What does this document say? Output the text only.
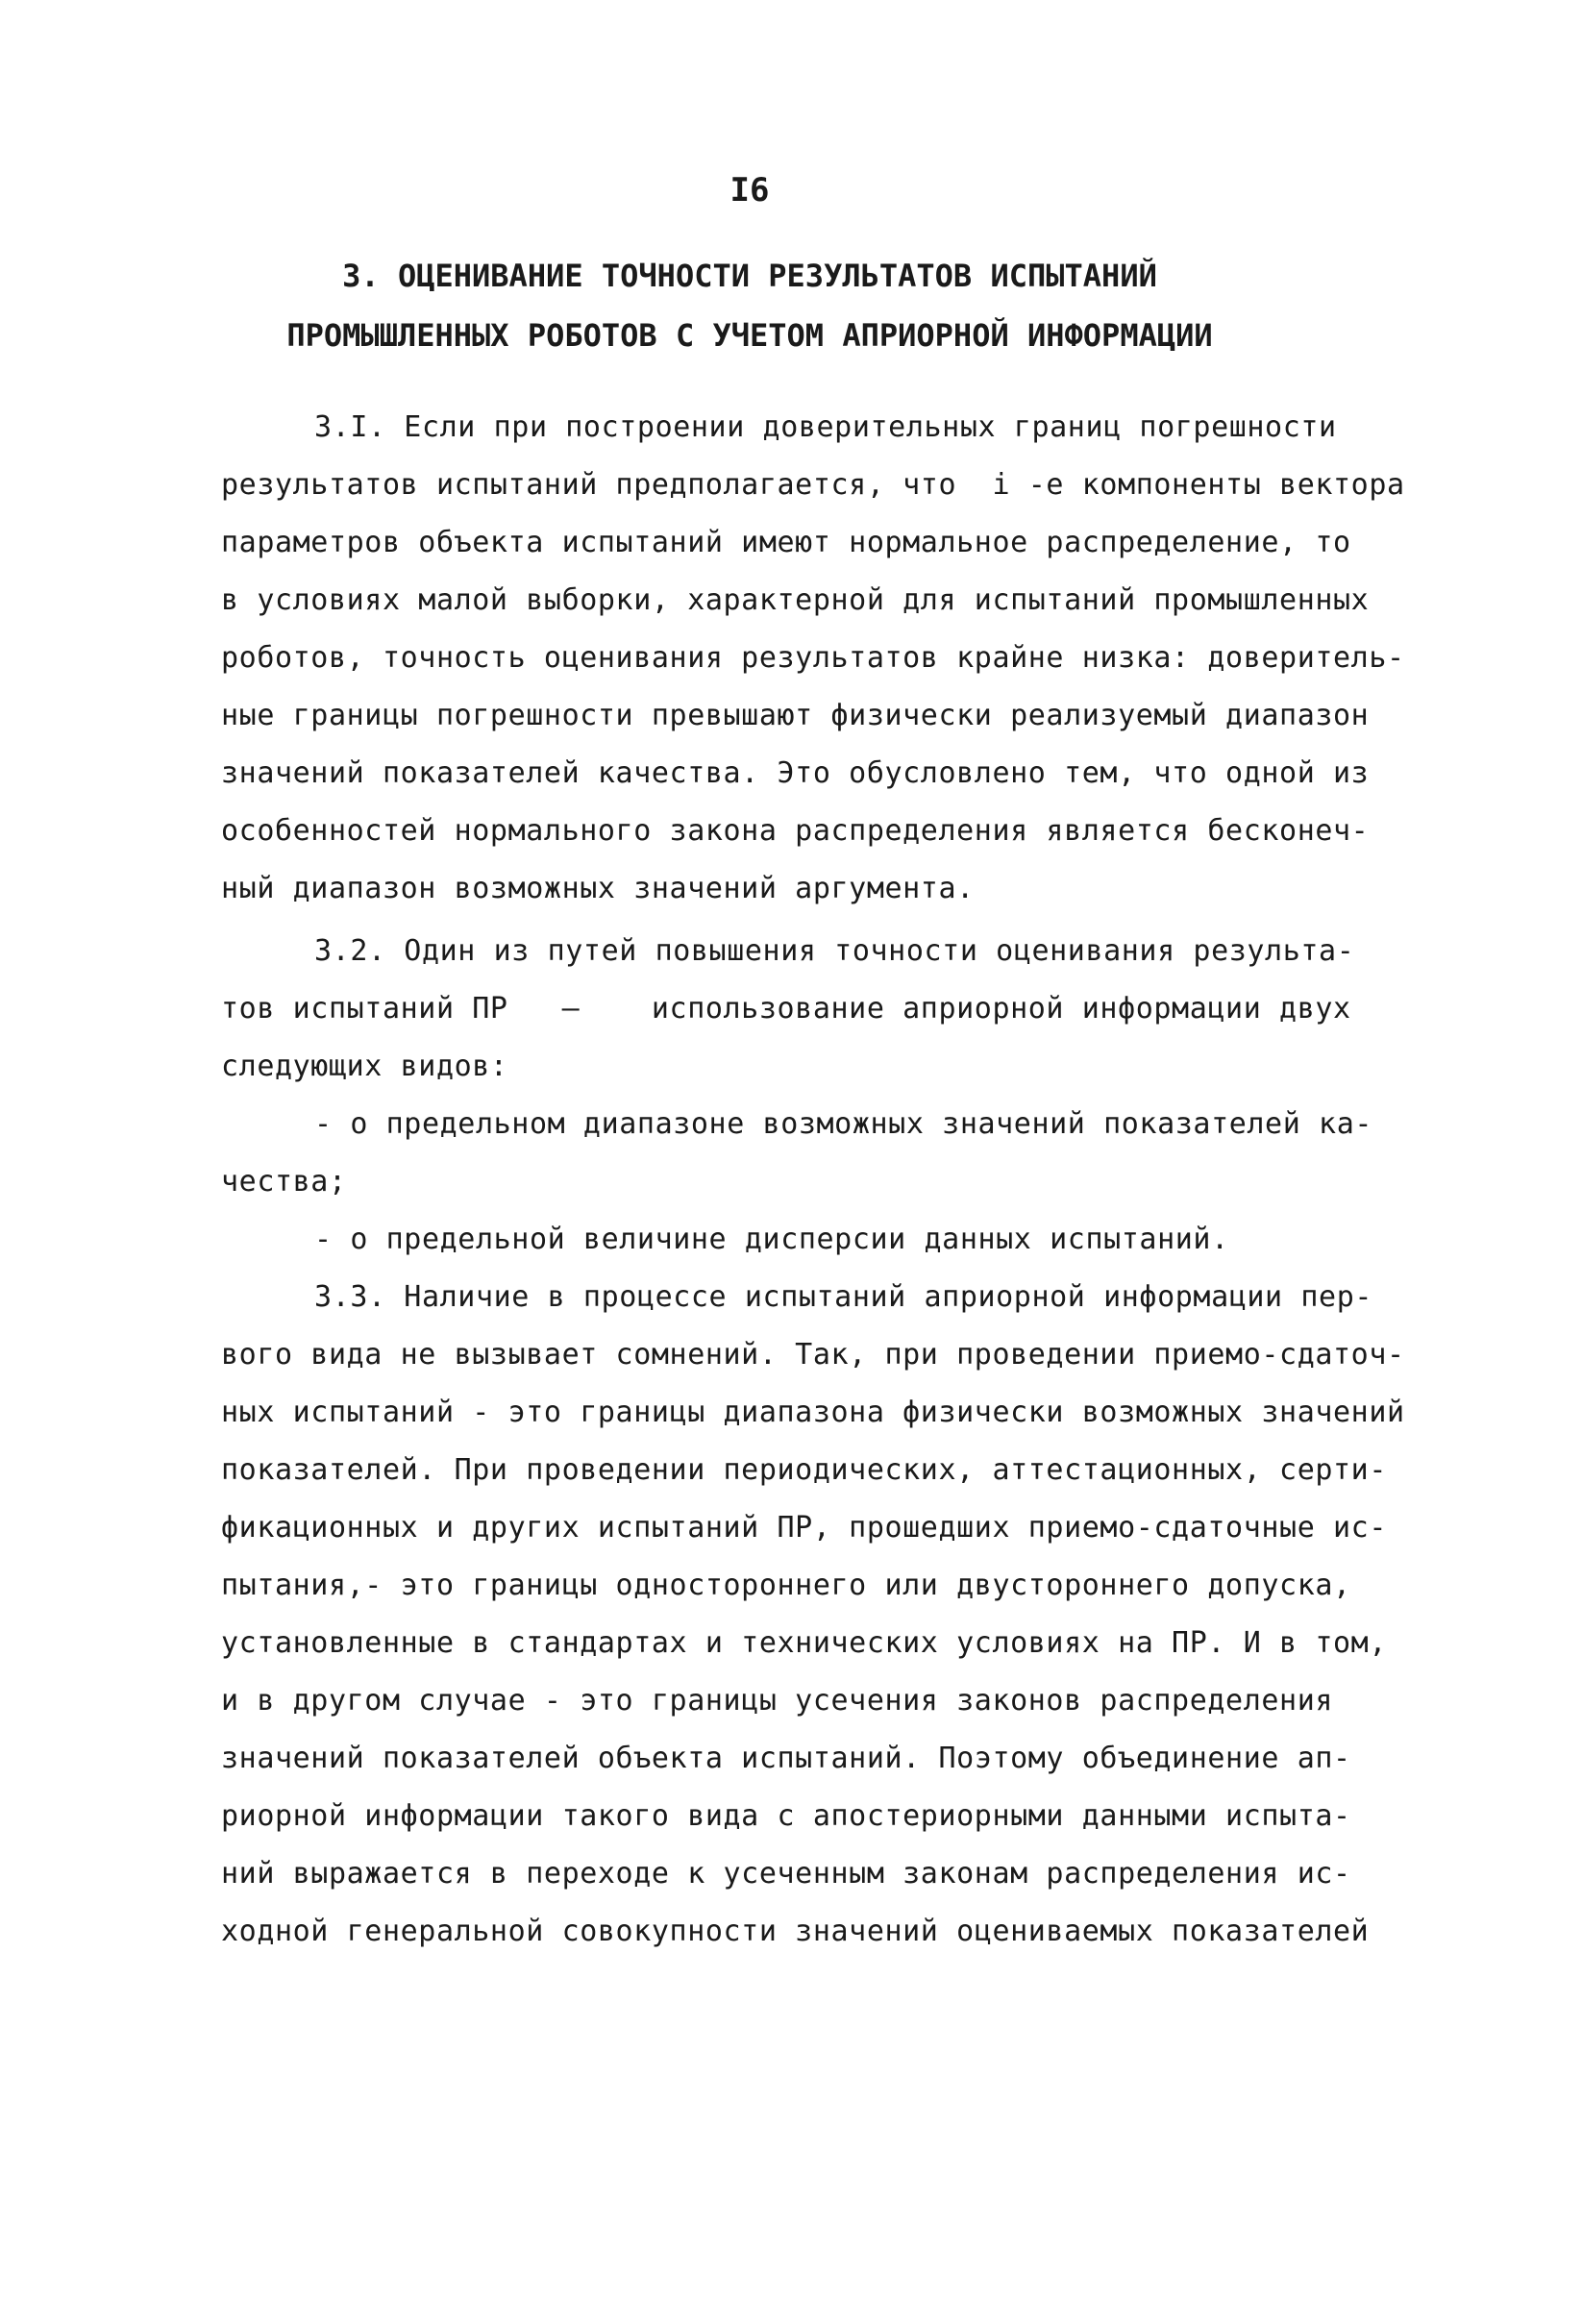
I6
3. ОЦЕНИВАНИЕ ТОЧНОСТИ РЕЗУЛЬТАТОВ ИСПЫТАНИЙ
ПРОМЫШЛЕННЫХ РОБОТОВ С УЧЕТОМ АПРИОРНОЙ ИНФОРМАЦИИ
3.I. Если при построении доверительных границ погрешности
результатов испытаний предполагается, что  i -е компоненты вектора
параметров объекта испытаний имеют нормальное распределение, то
в условиях малой выборки, характерной для испытаний промышленных
роботов, точность оценивания результатов крайне низка: доверитель-
ные границы погрешности превышают физически реализуемый диапазон
значений показателей качества. Это обусловлено тем, что одной из
особенностей нормального закона распределения является бесконеч-
ный диапазон возможных значений аргумента.
3.2. Один из путей повышения точности оценивания результа-
тов испытаний ПР   —    использование априорной информации двух
следующих видов:
- о предельном диапазоне возможных значений показателей ка-
чества;
- о предельной величине дисперсии данных испытаний.
3.3. Наличие в процессе испытаний априорной информации пер-
вого вида не вызывает сомнений. Так, при проведении приемо-сдаточ-
ных испытаний - это границы диапазона физически возможных значений
показателей. При проведении периодических, аттестационных, серти-
фикационных и других испытаний ПР, прошедших приемо-сдаточные ис-
пытания,- это границы одностороннего или двустороннего допуска,
установленные в стандартах и технических условиях на ПР. И в том,
и в другом случае - это границы усечения законов распределения
значений показателей объекта испытаний. Поэтому объединение ап-
риорной информации такого вида с апостериорными данными испыта-
ний выражается в переходе к усеченным законам распределения ис-
ходной генеральной совокупности значений оцениваемых показателей
